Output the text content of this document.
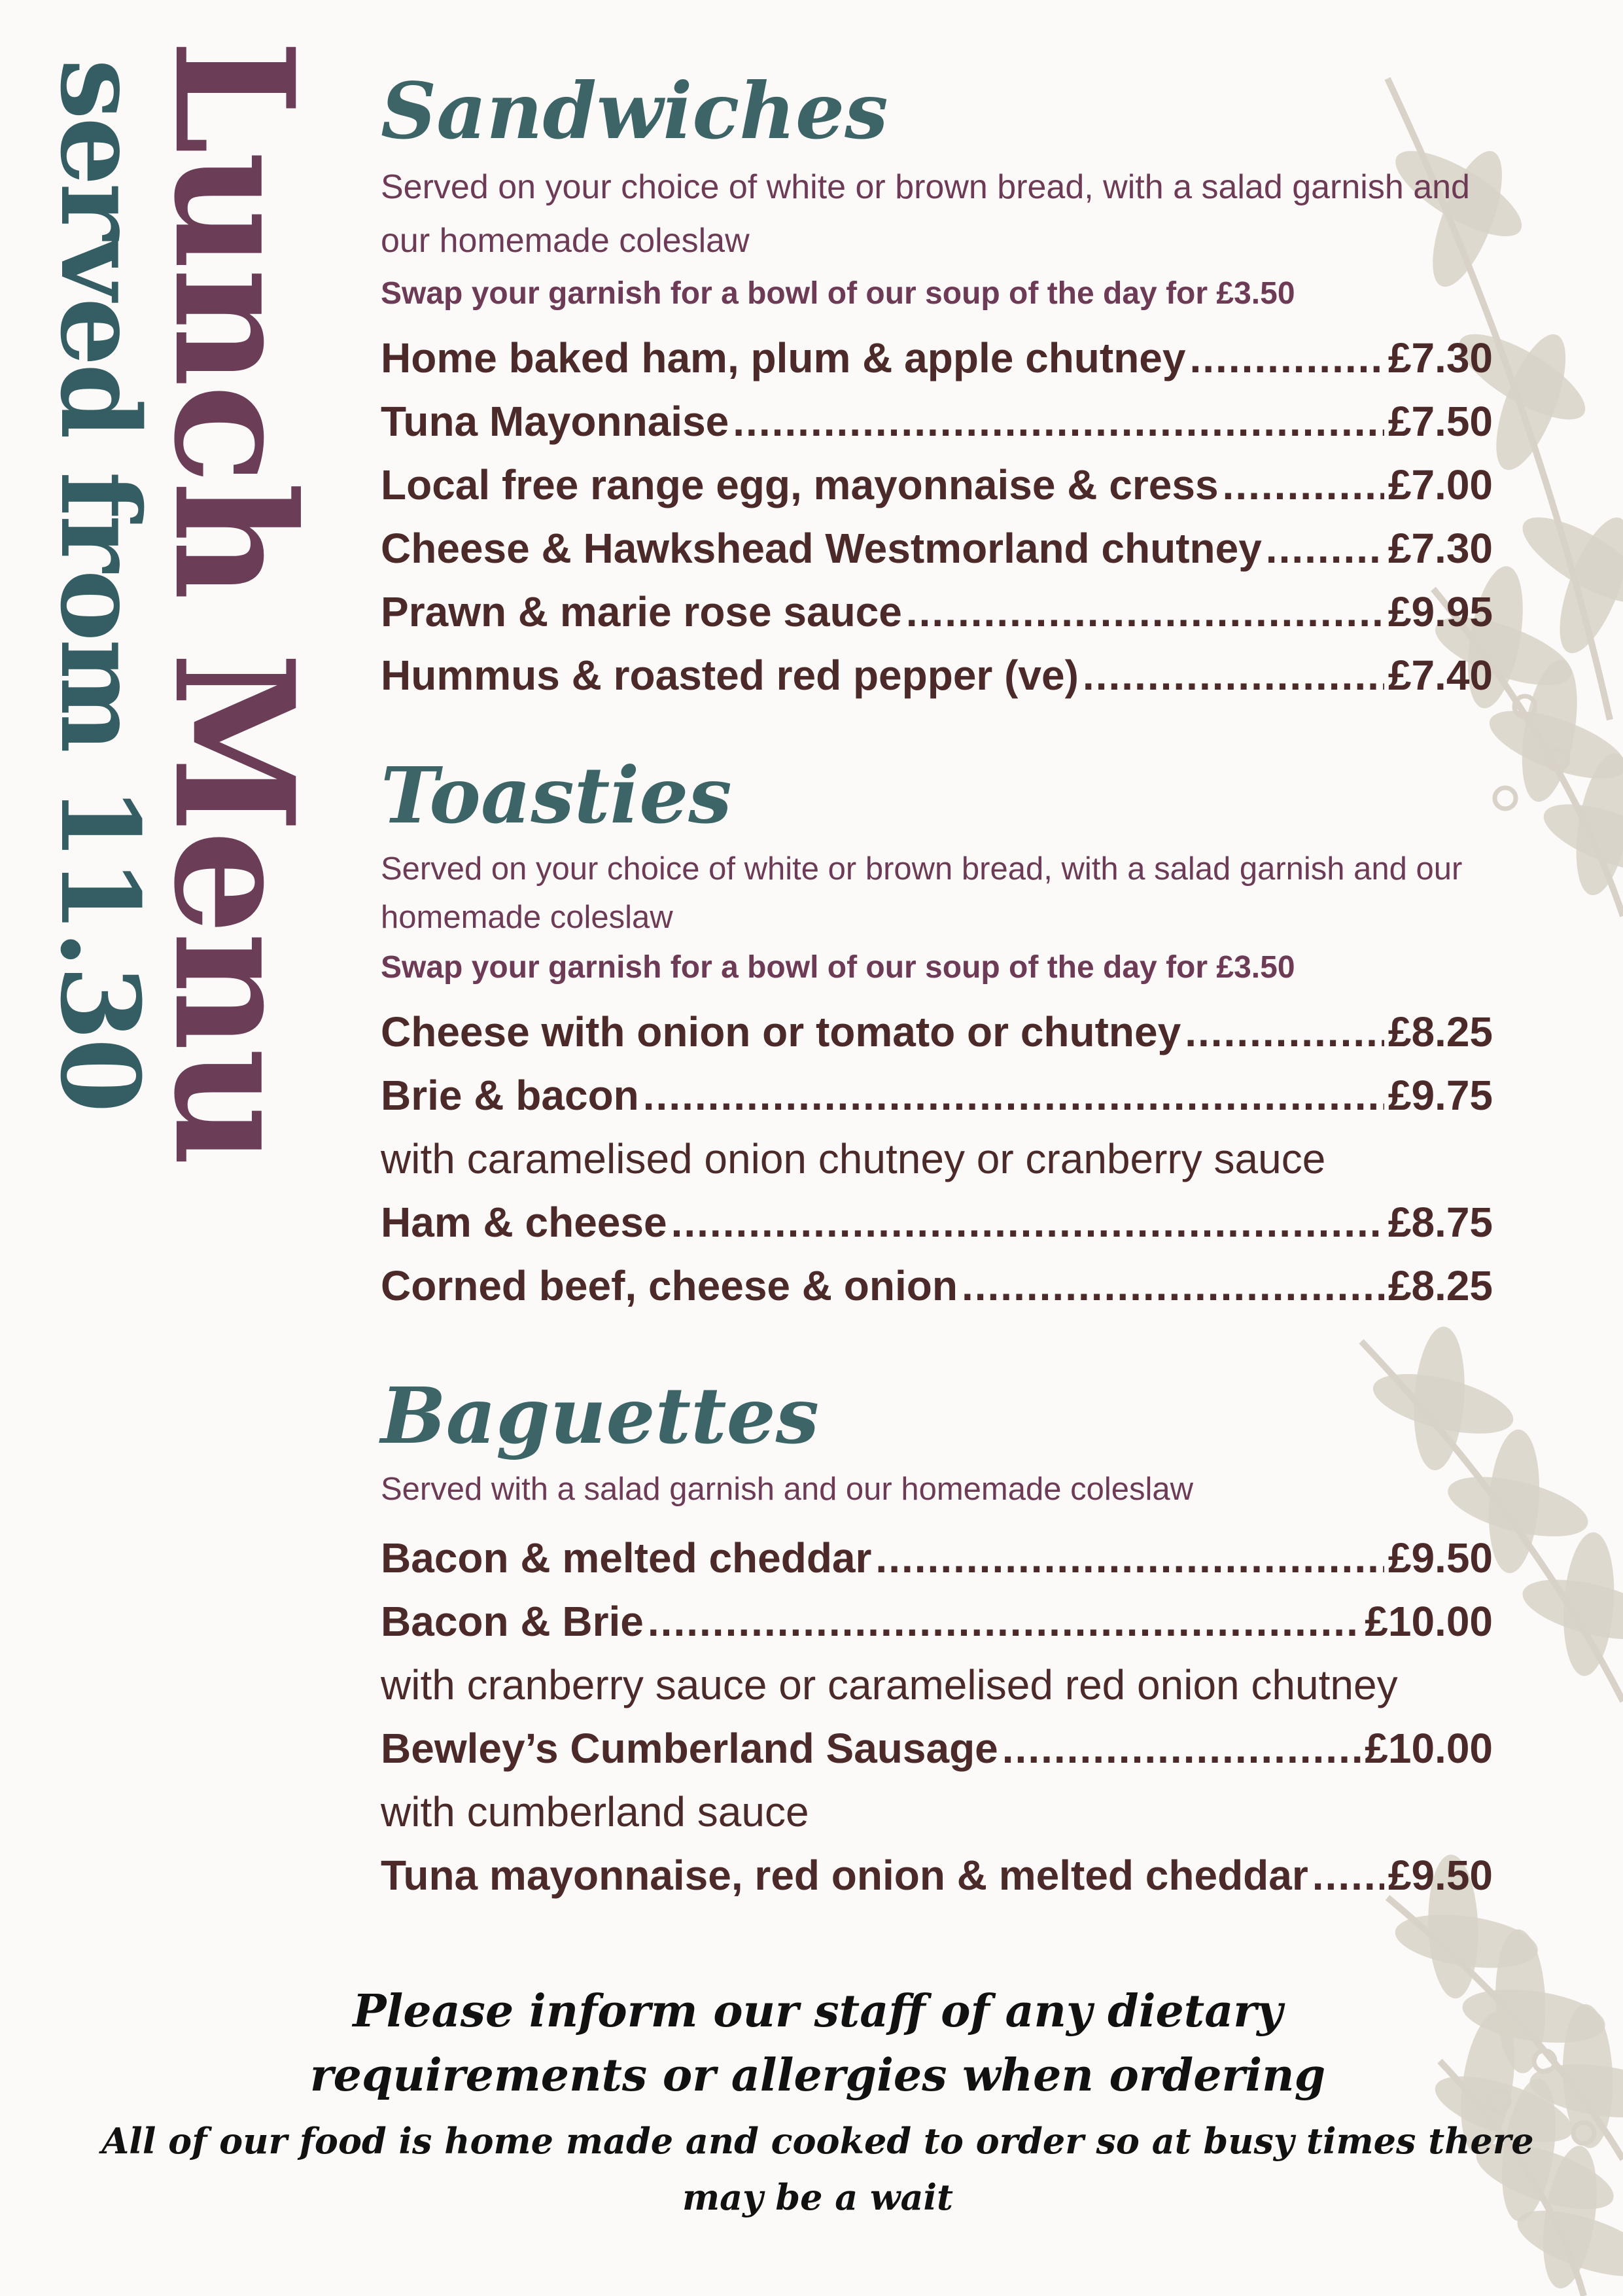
Lunch Menu
served from 11.30	Sandwiches

Served on your choice of white or brown bread, with a salad garnish and our homemade coleslaw

Swap your garnish for a bowl of our soup of the day for £3.50

Home baked ham, plum & apple chutney .....	£7.30
Tuna Mayonnaise .....	£7.50
Local free range egg, mayonnaise & cress .....	£7.00
Cheese & Hawkshead Westmorland chutney .....	£7.30
Prawn & marie rose sauce .....	£9.95
Hummus & roasted red pepper (ve) .....	£7.40
Toasties

Served on your choice of white or brown bread, with a salad garnish and our homemade coleslaw

Swap your garnish for a bowl of our soup of the day for £3.50

Cheese with onion or tomato or chutney .....	£8.25
Brie & bacon .....	£9.75
with caramelised onion chutney or cranberry sauce
Ham & cheese .....	£8.75
Corned beef, cheese & onion .....	£8.25
Baguettes

Served with a salad garnish and our homemade coleslaw

Bacon & melted cheddar .....	£9.50
Bacon & Brie .....	£10.00
with cranberry sauce or caramelised red onion chutney
Bewley’s Cumberland Sausage .....	£10.00
with cumberland sauce
Tuna mayonnaise, red onion & melted cheddar ..... £9.50

Please inform our staff of any dietary requirements or allergies when ordering

All of our food is home made and cooked to order so at busy times there may be a wait
